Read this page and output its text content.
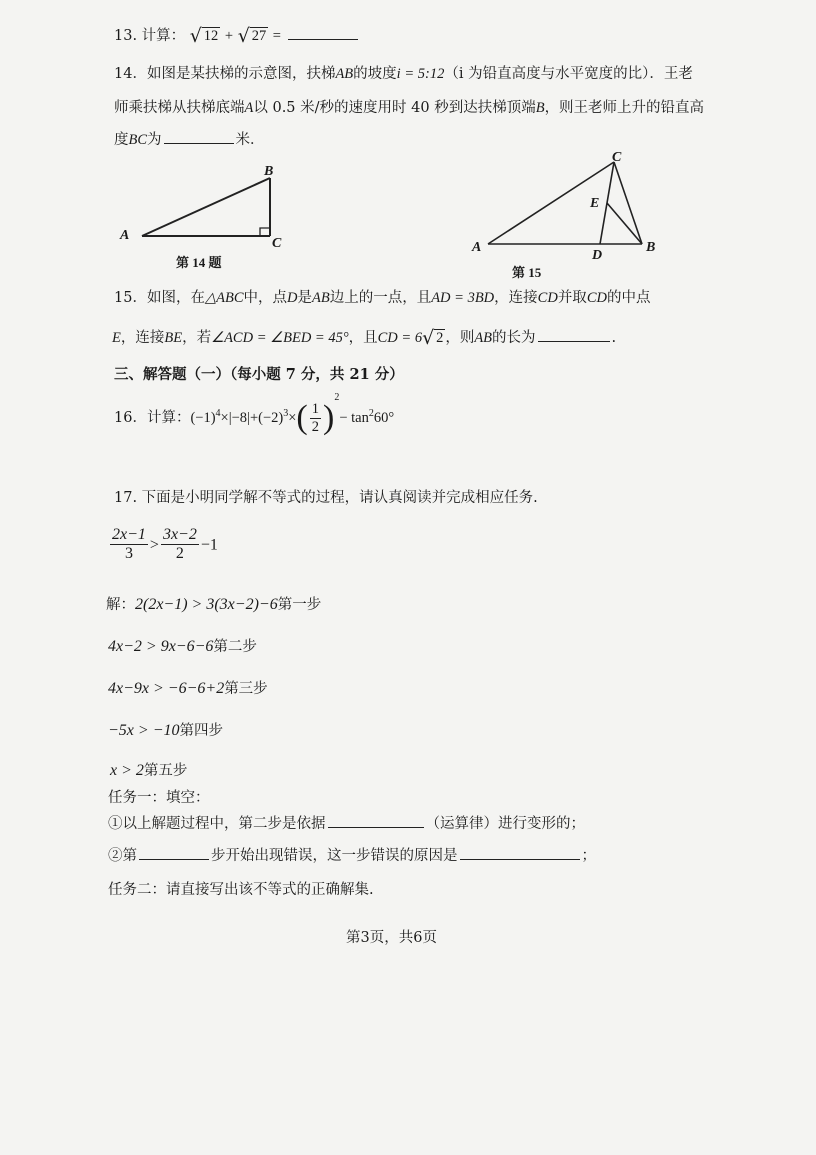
13. 计算： √ 12 + √ 27 =
14．如图是某扶梯的示意图，扶梯AB的坡度i = 5:12（i 为铅直高度与水平宽度的比）．王老
师乘扶梯从扶梯底端A以 0.5 米/秒的速度用时 40 秒到达扶梯顶端B，则王老师上升的铅直高
度BC为	米．
A
B
C
第 14 题
A	B
C
D
E
第 15
15．如图，在△ABC中，点D是AB边上的一点，且AD = 3BD，连接CD并取CD的中点
E，连接BE，若∠ACD = ∠BED = 45°，且CD = 6 √ 2 ，则AB的长为	.
三、解答题（一）（每小题 7 分，共 21 分）
16．计算：$(-1)^4\times|-8|+(-2)^3\times( \frac{1}{2} )^2- \tan^260^\circ$
17. 下面是小明同学解不等式的过程，请认真阅读并完成相应任务.
$\frac{2x-1}{3} > \frac{3x-2}{2} -1$
解：2(2x−1) > 3(3x−2)−6第一步
4x−2 > 9x−6−6第二步
4x−9x > −6−6+2第三步
−5x > −10第四步
x > 2第五步
任务一：填空：
①以上解题过程中，第二步是依据	（运算律）进行变形的；
②第	步开始出现错误，这一步错误的原因是	；
任务二：请直接写出该不等式的正确解集.
第3页，共6页
